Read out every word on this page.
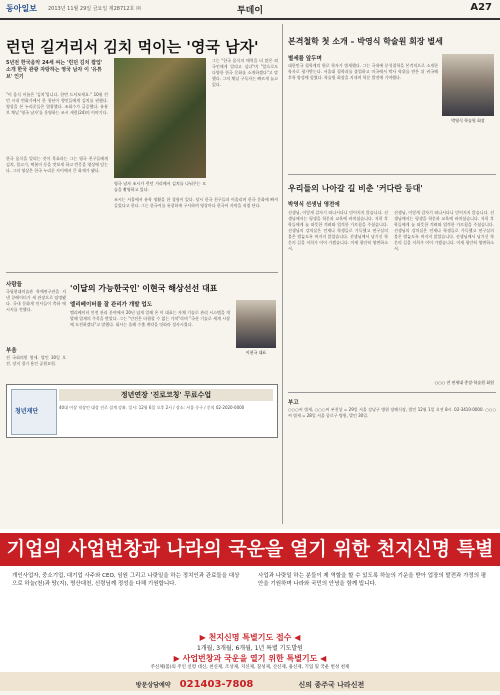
동아일보 2013년 11월 29일 금요일 제28712호 ㈜	투데이	A27
런던 길거리서 김치 먹이는 '영국 남자'
5년전 한국음악 24세 씨는 '런던 김치 팝업' 소개 한국 관광 자랑하는 영국 남자 이 '유튜브' 인기
"이 음식 이름은 '김치'입니다. 한번 드셔보세요." 10월 런던 시내 번화가에서 한 청년이 행인들에게 김치를 권했다. 영상을 본 누리꾼들은 열광했다. 조회수가 급증했다. 유튜브 채널 '영국 남자'를 운영하는 조시 캐럿(24)의 이야기다.
영국 남자 조시가 런던 거리에서 김치를 나눠주는 모습을 촬영하고 있다.
한국 음식을 알리는 것이 목표라는 그는 영국 친구들에게 김치, 불고기, 떡볶이 등을 맛보게 하고 반응을 영상에 담는다. 그의 영상은 한국 누리꾼 사이에서 큰 화제가 됐다.
그는 "한국 음식의 매력을 더 많은 외국인에게 알리고 싶다"며 "앞으로도 다양한 한국 문화를 소개하겠다"고 말했다. 그의 채널 구독자는 빠르게 늘고 있다.
조시는 서울에서 유학 생활을 한 경험이 있다. 당시 한국 친구들과 어울리며 한국 문화에 빠져들었다고 한다. 그는 한국어를 유창하게 구사하며 영상마다 한국어 자막을 직접 단다.
사람들
국립현대미술관 학예연구관을 지낸 큐레이터가 새 관장으로 임명됐다. 국내 문화계 인사들이 축하 메시지를 전했다.
부음
전 국회의원 별세. 발인 30일 오전. 장지 경기 용인 공원묘원.
청년재단
정년연장 '진로코칭' 무료수업
40대 이상 직장인 대상 진로 설계 강좌. 일시: 12월 6일 오후 2시 / 장소: 서울 중구 / 문의 02-2020-0000
'이달의 가능한국인' 이현국 해상선선 대표
엘리베이터를 잘 관리가 개발 업도
엘리베이터 안전 관리 분야에서 20년 넘게 일해 온 이 대표는 자체 기술로 관리 시스템을 개발해 업계의 주목을 받았다. 그는 "안전은 타협할 수 없는 가치"라며 "국산 기술로 세계 시장에 도전하겠다"고 말했다. 회사는 올해 수출 계약을 잇따라 성사시켰다.
이현국 대표
본격철학 첫 소개 – 박영식 학술원 회장 별세
별세를 앞두며
대한민국 철학계의 원로 학자가 별세했다. 그는 국내에 분석철학을 본격적으로 소개한 학자로 평가받는다. 서울대 철학과를 졸업하고 미국에서 박사 학위를 받은 뒤 귀국해 후학 양성에 힘썼다. 학술원 회장을 지내며 학문 발전에 기여했다.
박영식 학술원 회장
우리들의 나아갈 길 비춘 '커다란 등대'
박영식 선생님 영전에
선생님, 이렇게 갑자기 떠나시다니 믿어지지 않습니다. 선생님께서는 평생을 학문과 교육에 바치셨습니다. 저희 후학들에게 늘 따뜻한 격려와 엄격한 가르침을 주셨습니다. 선생님의 강의실은 언제나 학생들로 가득했고 연구실의 불은 밤늦도록 꺼지지 않았습니다. 선생님께서 남기신 학문의 길을 저희가 이어 가겠습니다. 이제 평안히 영면하소서.
선생님, 이렇게 갑자기 떠나시다니 믿어지지 않습니다. 선생님께서는 평생을 학문과 교육에 바치셨습니다. 저희 후학들에게 늘 따뜻한 격려와 엄격한 가르침을 주셨습니다. 선생님의 강의실은 언제나 학생들로 가득했고 연구실의 불은 밤늦도록 꺼지지 않았습니다. 선생님께서 남기신 학문의 길을 저희가 이어 가겠습니다. 이제 평안히 영면하소서.
○○○ 전 연세대 총장·학술원 회원
부고
○○○씨 별세, ○○○씨 부친상 = 29일 서울 강남구 병원 장례식장, 발인 12월 1일 오전 8시. 02-3410-0000. ○○○씨 별세 = 28일 서울 종로구 병원, 발인 30일.
기업의 사업번창과 나라의 국운을 열기 위한 천지신명 특별기도
개인사업자, 중소기업, 대기업 사주와 CEO, 임원 그리고 나랏일을 하는 정치인과 관료들을 대상으로 하늘(천)과 땅(지), 명산대천, 신령님께 정성을 다해 기원합니다.
사업과 나랏일 하는 분들이 제 역할을 할 수 있도록 하늘의 기운을 받아 업장의 발전과 가정의 평안을 기원하며 나라와 국민의 안녕을 함께 빕니다.
▶ 천지신명 특별기도 접수 ◀
1개월, 3개월, 6개월, 1년 특별 기도발원
▶ 사업번창과 국운을 열기 위한 특별기도 ◀
주신체(몸)의 주인 신령 대신, 천신제, 조상제, 지신제, 칠성제, 산신제, 용신제, 기업 및 국운 번성 천제
방문상담예약 021403-7808	신의 종주국 나라신전
